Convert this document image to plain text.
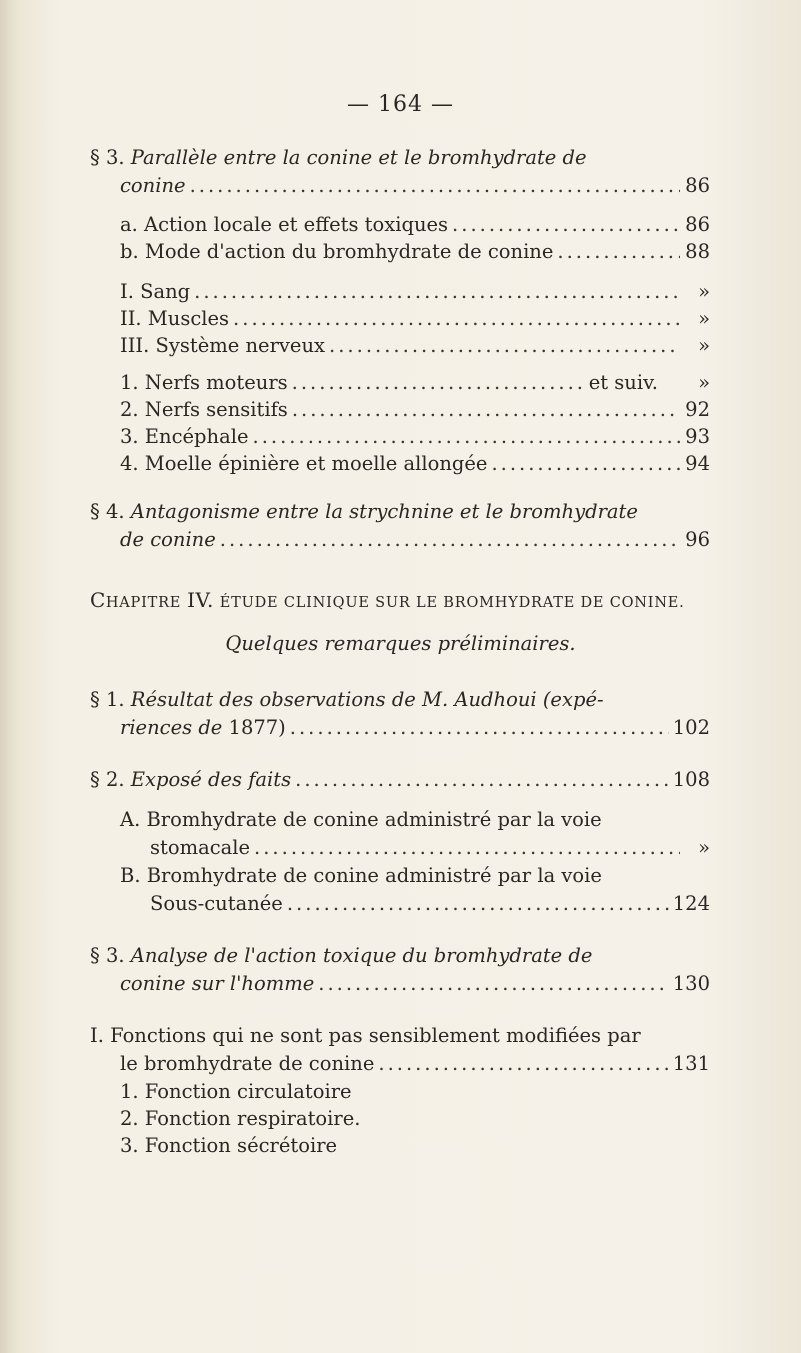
— 164 —
§ 3. Parallèle entre la conine et le bromhydrate de
conine .....	86
a. Action locale et effets toxiques .....	86
b. Mode d'action du bromhydrate de conine .....	88
I. Sang .....	»
II. Muscles .....	»
III. Système nerveux .....	»
1. Nerfs moteurs .....	et suiv.	»
2. Nerfs sensitifs .....	92
3. Encéphale .....	93
4. Moelle épinière et moelle allongée .....	94
§ 4. Antagonisme entre la strychnine et le bromhydrate
de conine .....	96
CHAPITRE IV. ÉTUDE CLINIQUE SUR LE BROMHYDRATE DE CONINE.
Quelques remarques préliminaires.
§ 1. Résultat des observations de M. Audhoui (expé-
riences de 1877) .....	102
§ 2. Exposé des faits .....	108
A. Bromhydrate de conine administré par la voie
stomacale .....	»
B. Bromhydrate de conine administré par la voie
Sous-cutanée .....	124
§ 3. Analyse de l'action toxique du bromhydrate de
conine sur l'homme .....	130
I. Fonctions qui ne sont pas sensiblement modifiées par
le bromhydrate de conine .....	131
1. Fonction circulatoire
2. Fonction respiratoire.
3. Fonction sécrétoire
